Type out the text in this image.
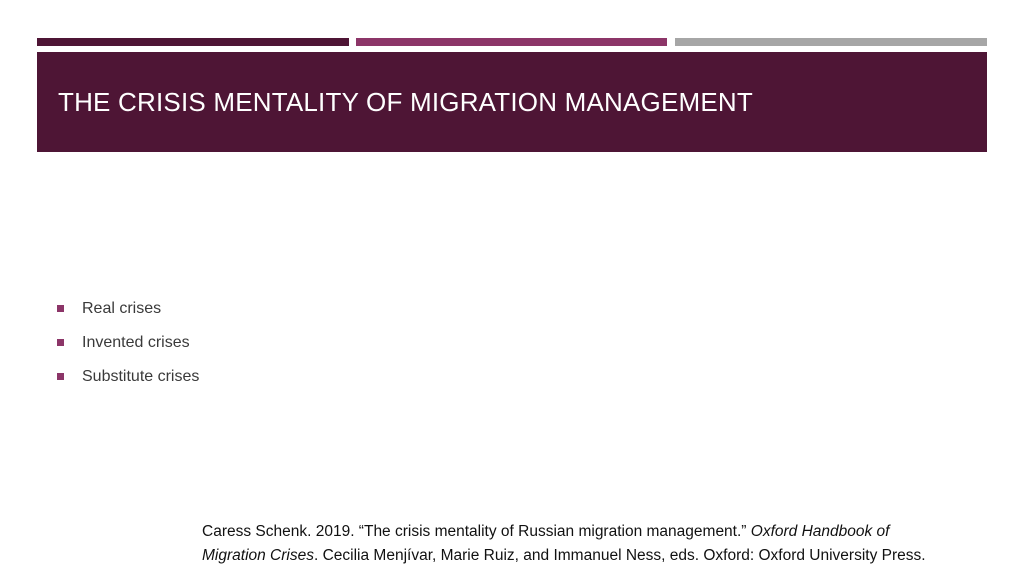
THE CRISIS MENTALITY OF MIGRATION MANAGEMENT
Real crises
Invented crises
Substitute crises
Caress Schenk. 2019. “The crisis mentality of Russian migration management.” Oxford Handbook of
Migration Crises. Cecilia Menjívar, Marie Ruiz, and Immanuel Ness, eds. Oxford: Oxford University Press.
